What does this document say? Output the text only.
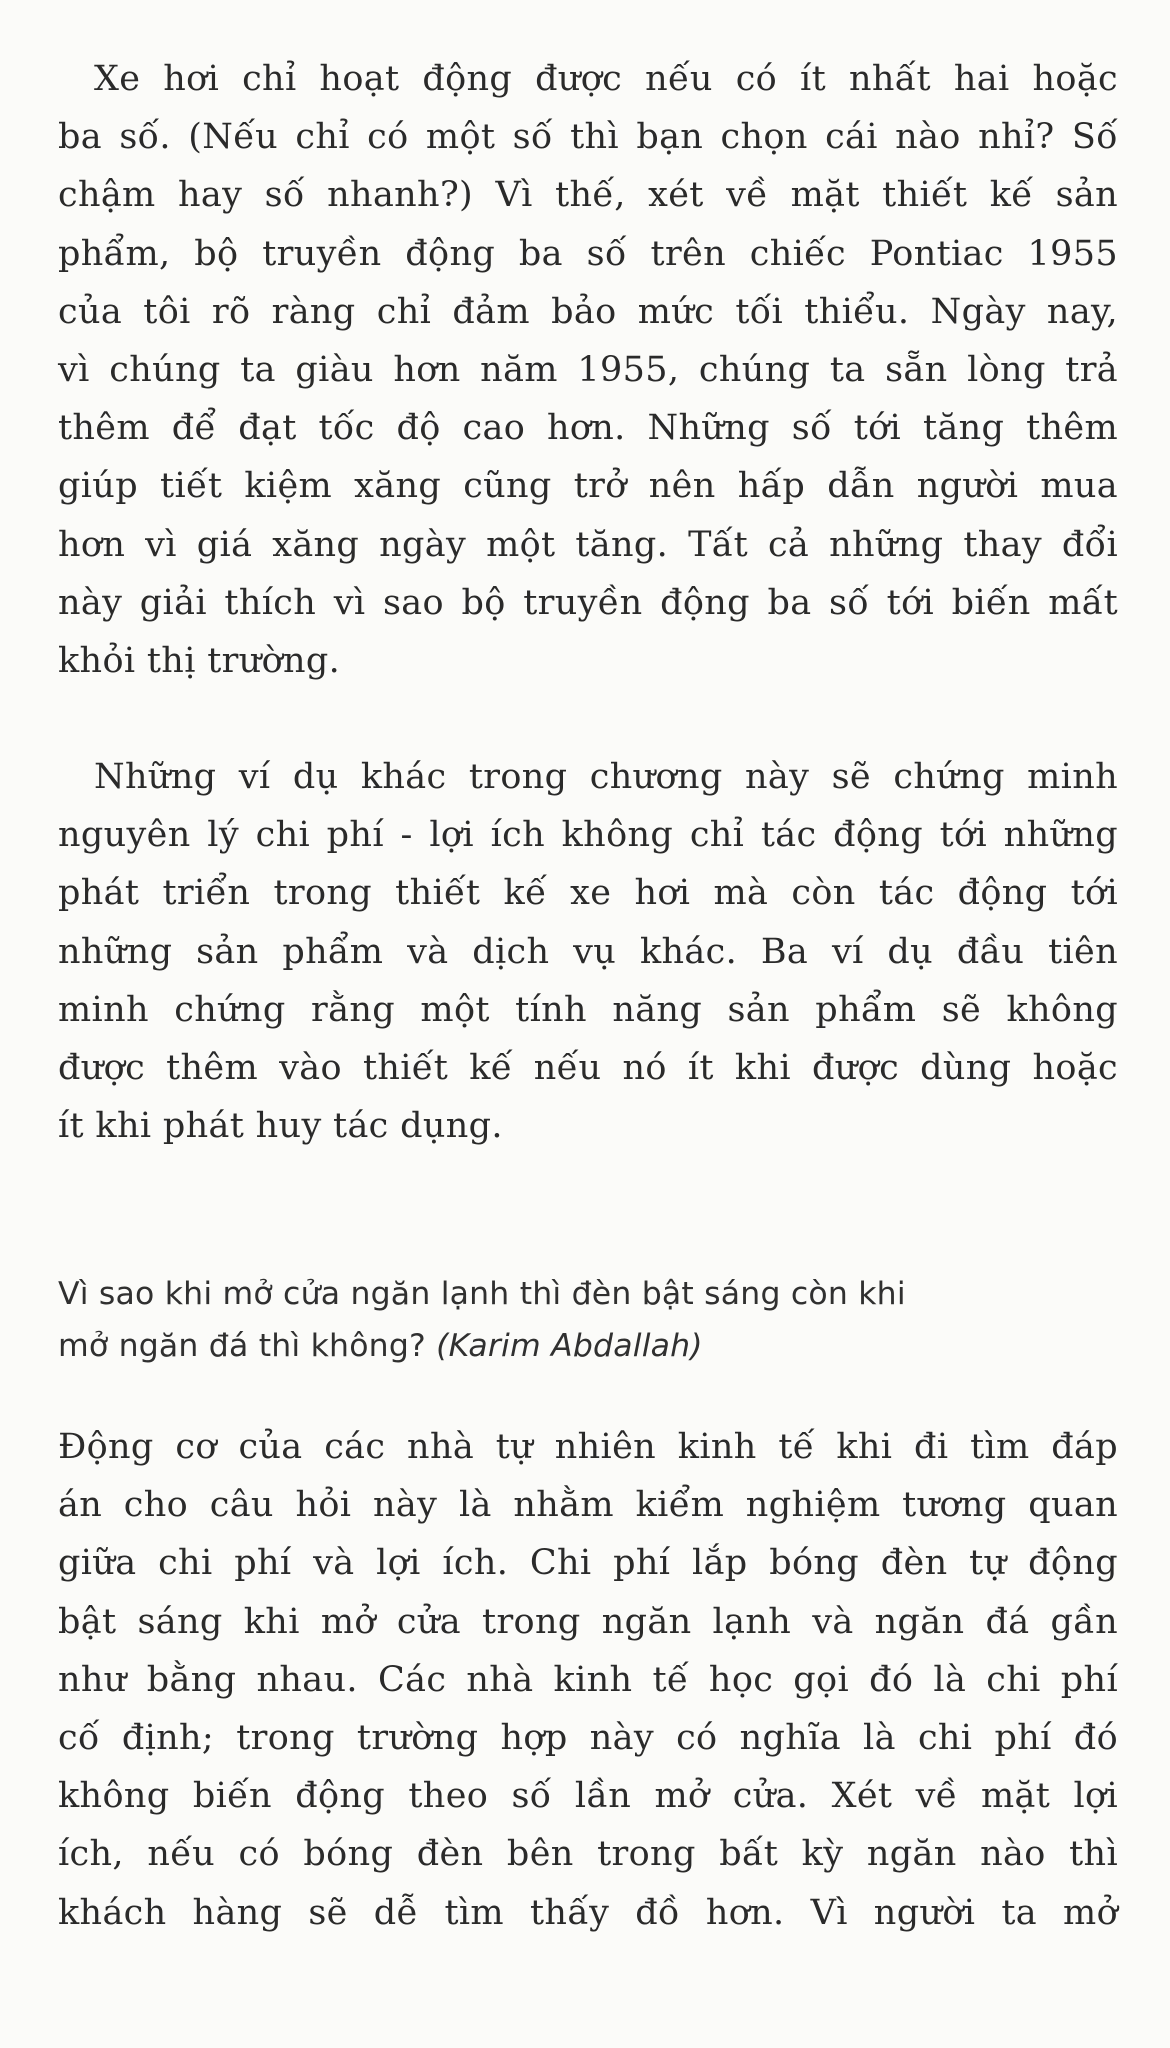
Xe hơi chỉ hoạt động được nếu có ít nhất hai hoặc
ba số. (Nếu chỉ có một số thì bạn chọn cái nào nhỉ? Số
chậm hay số nhanh?) Vì thế, xét về mặt thiết kế sản
phẩm, bộ truyền động ba số trên chiếc Pontiac 1955
của tôi rõ ràng chỉ đảm bảo mức tối thiểu. Ngày nay,
vì chúng ta giàu hơn năm 1955, chúng ta sẵn lòng trả
thêm để đạt tốc độ cao hơn. Những số tới tăng thêm
giúp tiết kiệm xăng cũng trở nên hấp dẫn người mua
hơn vì giá xăng ngày một tăng. Tất cả những thay đổi
này giải thích vì sao bộ truyền động ba số tới biến mất
khỏi thị trường.
Những ví dụ khác trong chương này sẽ chứng minh
nguyên lý chi phí - lợi ích không chỉ tác động tới những
phát triển trong thiết kế xe hơi mà còn tác động tới
những sản phẩm và dịch vụ khác. Ba ví dụ đầu tiên
minh chứng rằng một tính năng sản phẩm sẽ không
được thêm vào thiết kế nếu nó ít khi được dùng hoặc
ít khi phát huy tác dụng.
Vì sao khi mở cửa ngăn lạnh thì đèn bật sáng còn khi
mở ngăn đá thì không? (Karim Abdallah)
Động cơ của các nhà tự nhiên kinh tế khi đi tìm đáp
án cho câu hỏi này là nhằm kiểm nghiệm tương quan
giữa chi phí và lợi ích. Chi phí lắp bóng đèn tự động
bật sáng khi mở cửa trong ngăn lạnh và ngăn đá gần
như bằng nhau. Các nhà kinh tế học gọi đó là chi phí
cố định; trong trường hợp này có nghĩa là chi phí đó
không biến động theo số lần mở cửa. Xét về mặt lợi
ích, nếu có bóng đèn bên trong bất kỳ ngăn nào thì
khách hàng sẽ dễ tìm thấy đồ hơn. Vì người ta mở
